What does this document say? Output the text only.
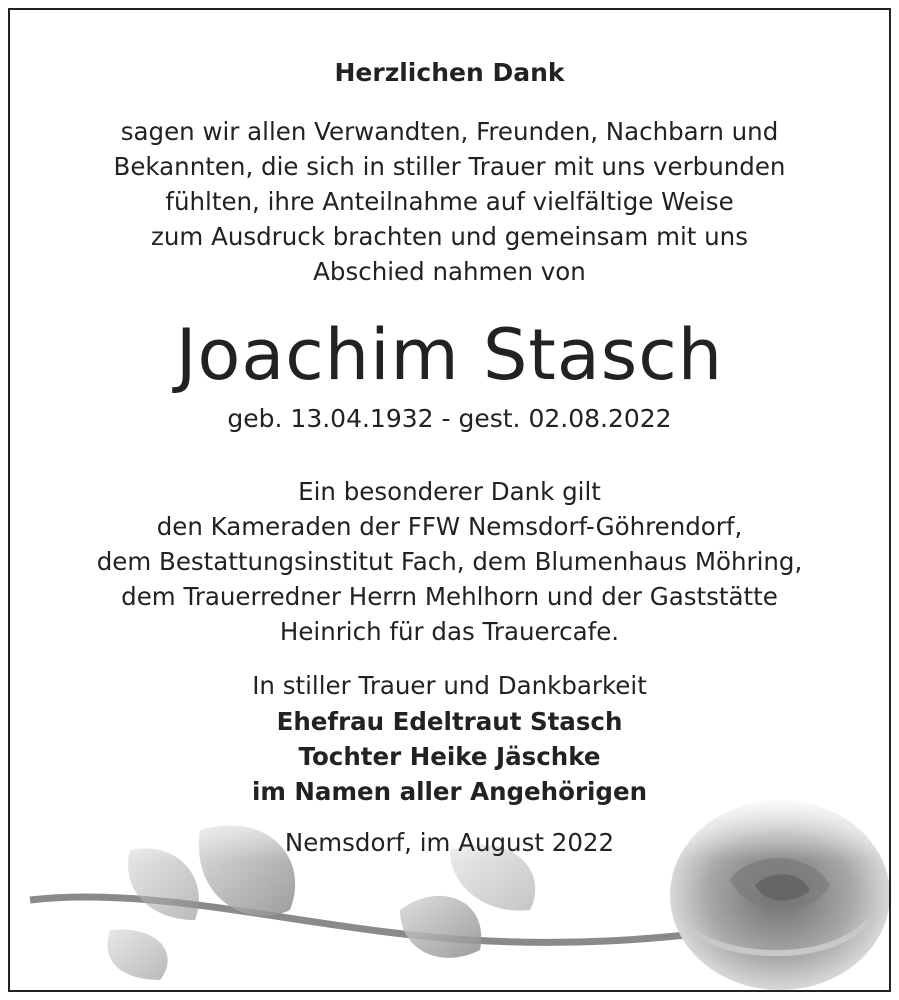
Herzlichen Dank
sagen wir allen Verwandten, Freunden, Nachbarn und
Bekannten, die sich in stiller Trauer mit uns verbunden
fühlten, ihre Anteilnahme auf vielfältige Weise
zum Ausdruck brachten und gemeinsam mit uns
Abschied nahmen von
Joachim Stasch
geb. 13.04.1932 - gest. 02.08.2022
Ein besonderer Dank gilt
den Kameraden der FFW Nemsdorf-Göhrendorf,
dem Bestattungsinstitut Fach, dem Blumenhaus Möhring,
dem Trauerredner Herrn Mehlhorn und der Gaststätte
Heinrich für das Trauercafe.
In stiller Trauer und Dankbarkeit
Ehefrau Edeltraut Stasch
Tochter Heike Jäschke
im Namen aller Angehörigen
Nemsdorf, im August 2022
